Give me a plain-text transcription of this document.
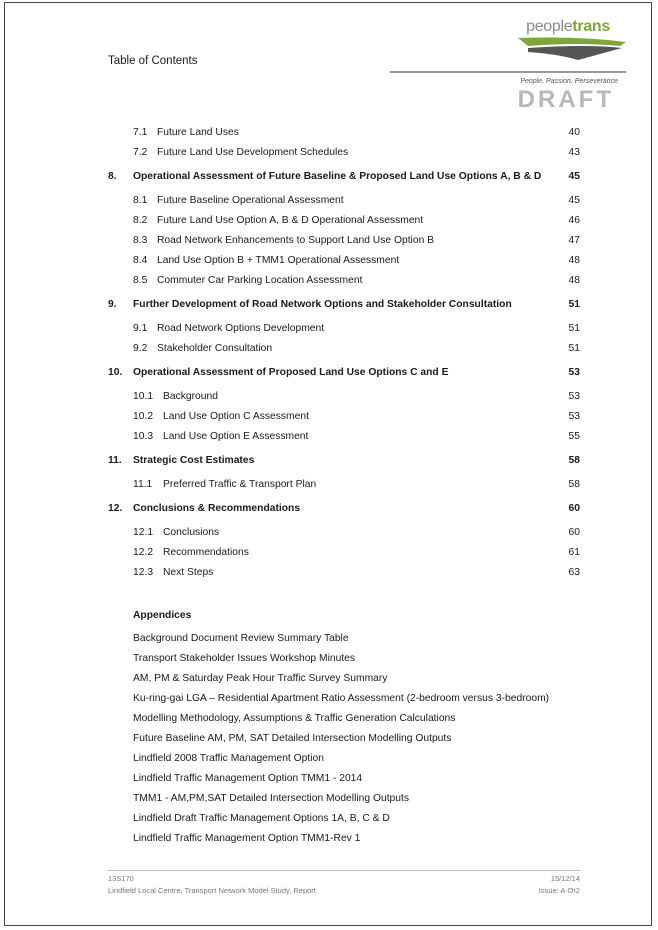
Table of Contents
peopletrans
People. Passion. Perseverance
DRAFT
7.1 Future Land Uses	40
7.2 Future Land Use Development Schedules	43
8. Operational Assessment of Future Baseline & Proposed Land Use Options A, B & D	45
8.1 Future Baseline Operational Assessment	45
8.2 Future Land Use Option A, B & D Operational Assessment	46
8.3 Road Network Enhancements to Support Land Use Option B	47
8.4 Land Use Option B + TMM1 Operational Assessment	48
8.5 Commuter Car Parking Location Assessment	48
9. Further Development of Road Network Options and Stakeholder Consultation	51
9.1 Road Network Options Development	51
9.2 Stakeholder Consultation	51
10. Operational Assessment of Proposed Land Use Options C and E	53
10.1 Background	53
10.2 Land Use Option C Assessment	53
10.3 Land Use Option E Assessment	55
11. Strategic Cost Estimates	58
11.1 Preferred Traffic & Transport Plan	58
12. Conclusions & Recommendations	60
12.1 Conclusions	60
12.2 Recommendations	61
12.3 Next Steps	63
Appendices
Background Document Review Summary Table
Transport Stakeholder Issues Workshop Minutes
AM, PM & Saturday Peak Hour Traffic Survey Summary
Ku-ring-gai LGA – Residential Apartment Ratio Assessment (2-bedroom versus 3-bedroom)
Modelling Methodology, Assumptions & Traffic Generation Calculations
Future Baseline AM, PM, SAT Detailed Intersection Modelling Outputs
Lindfield 2008 Traffic Management Option
Lindfield Traffic Management Option TMM1 - 2014
TMM1 - AM,PM,SAT Detailed Intersection Modelling Outputs
Lindfield Draft Traffic Management Options 1A, B, C & D
Lindfield Traffic Management Option TMM1-Rev 1
13S170
Lindfield Local Centre, Transport Network Model Study, Report
15/12/14
Issue: A-Dr2
